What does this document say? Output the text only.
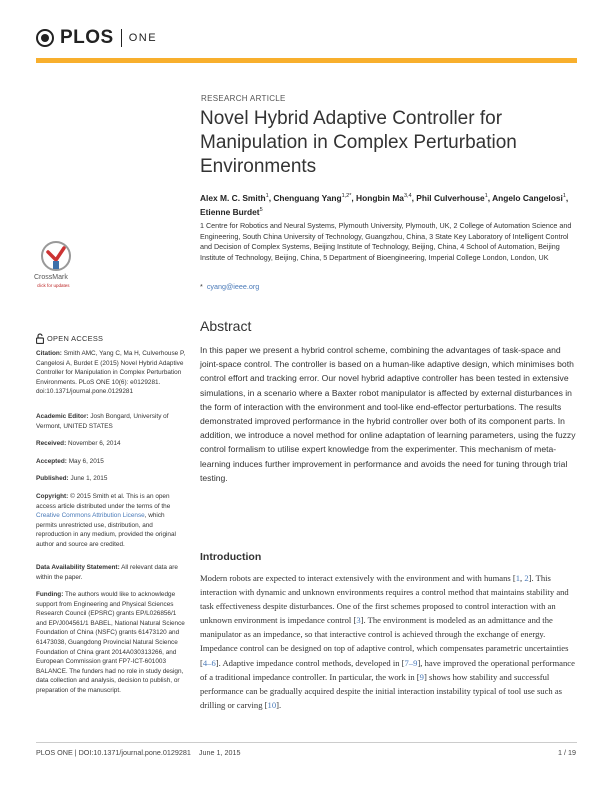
PLOS ONE
RESEARCH ARTICLE
Novel Hybrid Adaptive Controller for Manipulation in Complex Perturbation Environments
Alex M. C. Smith$^1$, Chenguang Yang$^{1,2*}$, Hongbin Ma$^{3,4}$, Phil Culverhouse$^1$, Angelo Cangelosi$^1$, Etienne Burdet$^5$
1 Centre for Robotics and Neural Systems, Plymouth University, Plymouth, UK, 2 College of Automation Science and Engineering, South China University of Technology, Guangzhou, China, 3 State Key Laboratory of Intelligent Control and Decision of Complex Systems, Beijing Institute of Technology, Beijing, China, 4 School of Automation, Beijing Institute of Technology, Beijing, China, 5 Department of Bioengineering, Imperial College London, London, UK
* cyang@ieee.org
Abstract

In this paper we present a hybrid control scheme, combining the advantages of task-space and joint-space control. The controller is based on a human-like adaptive design, which minimises both control effort and tracking error. Our novel hybrid adaptive controller has been tested in extensive simulations, in a scenario where a Baxter robot manipulator is affected by external disturbances in the form of interaction with the environment and tool-like end-effector perturbations. The results demonstrated improved performance in the hybrid controller over both of its component parts. In addition, we introduce a novel method for online adaptation of learning parameters, using the fuzzy control formalism to utilise expert knowledge from the experimenter. This mechanism of meta-learning induces further improvement in performance and avoids the need for tuning through trial testing.

Introduction

Modern robots are expected to interact extensively with the environment and with humans [1, 2]. This interaction with dynamic and unknown environments requires a control method that maintains stability and task effectiveness despite disturbances. One of the first schemes proposed to control interaction with an unknown environment is impedance control [3]. The environment is modeled as an admittance and the manipulator as an impedance, so that interactive control is achieved through the exchange of energy. Impedance control can be designed on top of adaptive control, which compensates parametric uncertainties [4–6]. Adaptive impedance control methods, developed in [7–9], have improved the operational performance of a traditional impedance controller. In particular, the work in [9] shows how stability and successful performance can be gradually acquired despite the initial interaction instability typical of tool use such as drilling or carving [10].

CrossMark
click for updates
OPEN ACCESS

Citation: Smith AMC, Yang C, Ma H, Culverhouse P, Cangelosi A, Burdet E (2015) Novel Hybrid Adaptive Controller for Manipulation in Complex Perturbation Environments. PLoS ONE 10(6): e0129281. doi:10.1371/journal.pone.0129281

Academic Editor: Josh Bongard, University of Vermont, UNITED STATES

Received: November 6, 2014

Accepted: May 6, 2015

Published: June 1, 2015

Copyright: © 2015 Smith et al. This is an open access article distributed under the terms of the Creative Commons Attribution License, which permits unrestricted use, distribution, and reproduction in any medium, provided the original author and source are credited.

Data Availability Statement: All relevant data are within the paper.

Funding: The authors would like to acknowledge support from Engineering and Physical Sciences Research Council (EPSRC) grants EP/L026856/1 and EP/J004561/1 BABEL, National Natural Science Foundation of China (NSFC) grants 61473120 and 61473038, Guangdong Provincial Natural Science Foundation of China grant 2014A030313266, and European Commission grant FP7-ICT-601003 BALANCE. The funders had no role in study design, data collection and analysis, decision to publish, or preparation of the manuscript.

PLOS ONE | DOI:10.1371/journal.pone.0129281    June 1, 2015	1 / 19
